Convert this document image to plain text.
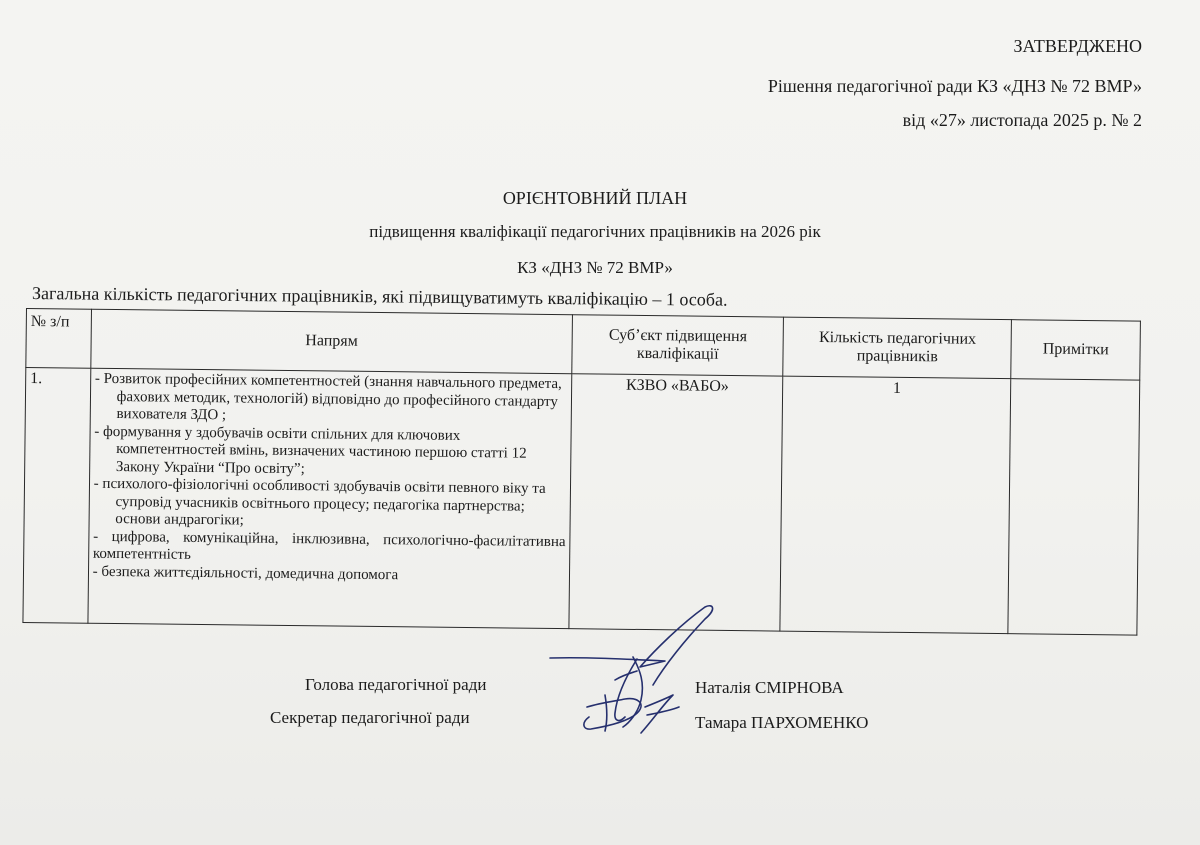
ЗАТВЕРДЖЕНО
Рішення педагогічної ради КЗ «ДНЗ № 72 ВМР»
від «27» листопада 2025 р. № 2
ОРІЄНТОВНИЙ ПЛАН
підвищення кваліфікації педагогічних працівників на 2026 рік
КЗ «ДНЗ № 72 ВМР»
Загальна кількість педагогічних працівників, які підвищуватимуть кваліфікацію – 1 особа.
№ з/п	Напрям	Суб’єкт підвищення кваліфікації	Кількість педагогічних працівників	Примітки
1.	- Розвиток професійних компетентностей (знання навчального предмета, фахових методик, технологій) відповідно до професійного стандарту вихователя ЗДО ;

- формування у здобувачів освіти спільних для ключових компетентностей вмінь, визначених частиною першою статті 12 Закону України “Про освіту”;

- психолого-фізіологічні особливості здобувачів освіти певного віку та супровід учасників освітнього процесу; педагогіка партнерства; основи андрагогіки;

- цифрова, комунікаційна, інклюзивна, психологічно-фасилітативна компетентність

- безпека життєдіяльності, домедична допомога	КЗВО «ВАБО»	1	
Голова педагогічної ради
Секретар педагогічної ради
Наталія СМІРНОВА
Тамара ПАРХОМЕНКО
